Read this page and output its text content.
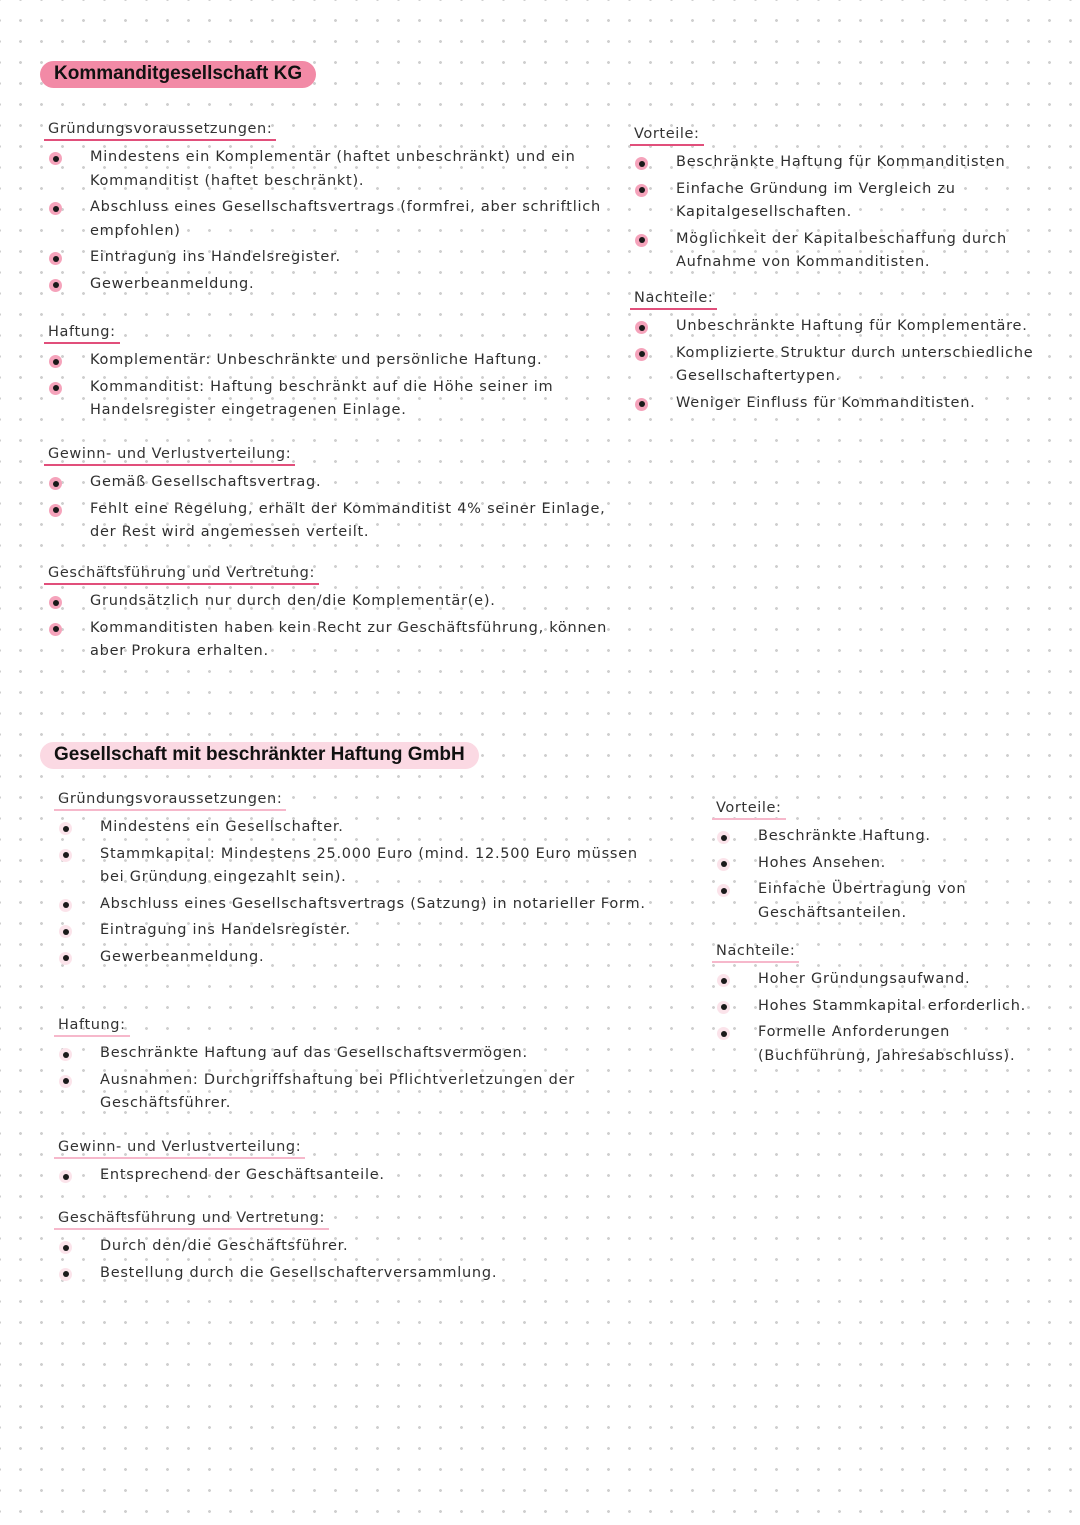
Kommanditgesellschaft KG
Gründungsvoraussetzungen:
Mindestens ein Komplementär (haftet unbeschränkt) und ein Kommanditist (haftet beschränkt).
Abschluss eines Gesellschaftsvertrags (formfrei, aber schriftlich empfohlen)
Eintragung ins Handelsregister.
Gewerbeanmeldung.
Haftung:
Komplementär: Unbeschränkte und persönliche Haftung.
Kommanditist: Haftung beschränkt auf die Höhe seiner im Handelsregister eingetragenen Einlage.
Gewinn- und Verlustverteilung:
Gemäß Gesellschaftsvertrag.
Fehlt eine Regelung, erhält der Kommanditist 4% seiner Einlage, der Rest wird angemessen verteilt.
Geschäftsführung und Vertretung:
Grundsätzlich nur durch den/die Komplementär(e).
Kommanditisten haben kein Recht zur Geschäftsführung, können aber Prokura erhalten.
Vorteile:
Beschränkte Haftung für Kommanditisten
Einfache Gründung im Vergleich zu Kapitalgesellschaften.
Möglichkeit der Kapitalbeschaffung durch Aufnahme von Kommanditisten.
Nachteile:
Unbeschränkte Haftung für Komplementäre.
Komplizierte Struktur durch unterschiedliche Gesellschaftertypen.
Weniger Einfluss für Kommanditisten.
Gesellschaft mit beschränkter Haftung GmbH
Gründungsvoraussetzungen:
Mindestens ein Gesellschafter.
Stammkapital: Mindestens 25.000 Euro (mind. 12.500 Euro müssen bei Gründung eingezahlt sein).
Abschluss eines Gesellschaftsvertrags (Satzung) in notarieller Form.
Eintragung ins Handelsregister.
Gewerbeanmeldung.
Haftung:
Beschränkte Haftung auf das Gesellschaftsvermögen.
Ausnahmen: Durchgriffshaftung bei Pflichtverletzungen der Geschäftsführer.
Gewinn- und Verlustverteilung:
Entsprechend der Geschäftsanteile.
Geschäftsführung und Vertretung:
Durch den/die Geschäftsführer.
Bestellung durch die Gesellschafterversammlung.
Vorteile:
Beschränkte Haftung.
Hohes Ansehen.
Einfache Übertragung von Geschäftsanteilen.
Nachteile:
Hoher Gründungsaufwand.
Hohes Stammkapital erforderlich.
Formelle Anforderungen (Buchführung, Jahresabschluss).
